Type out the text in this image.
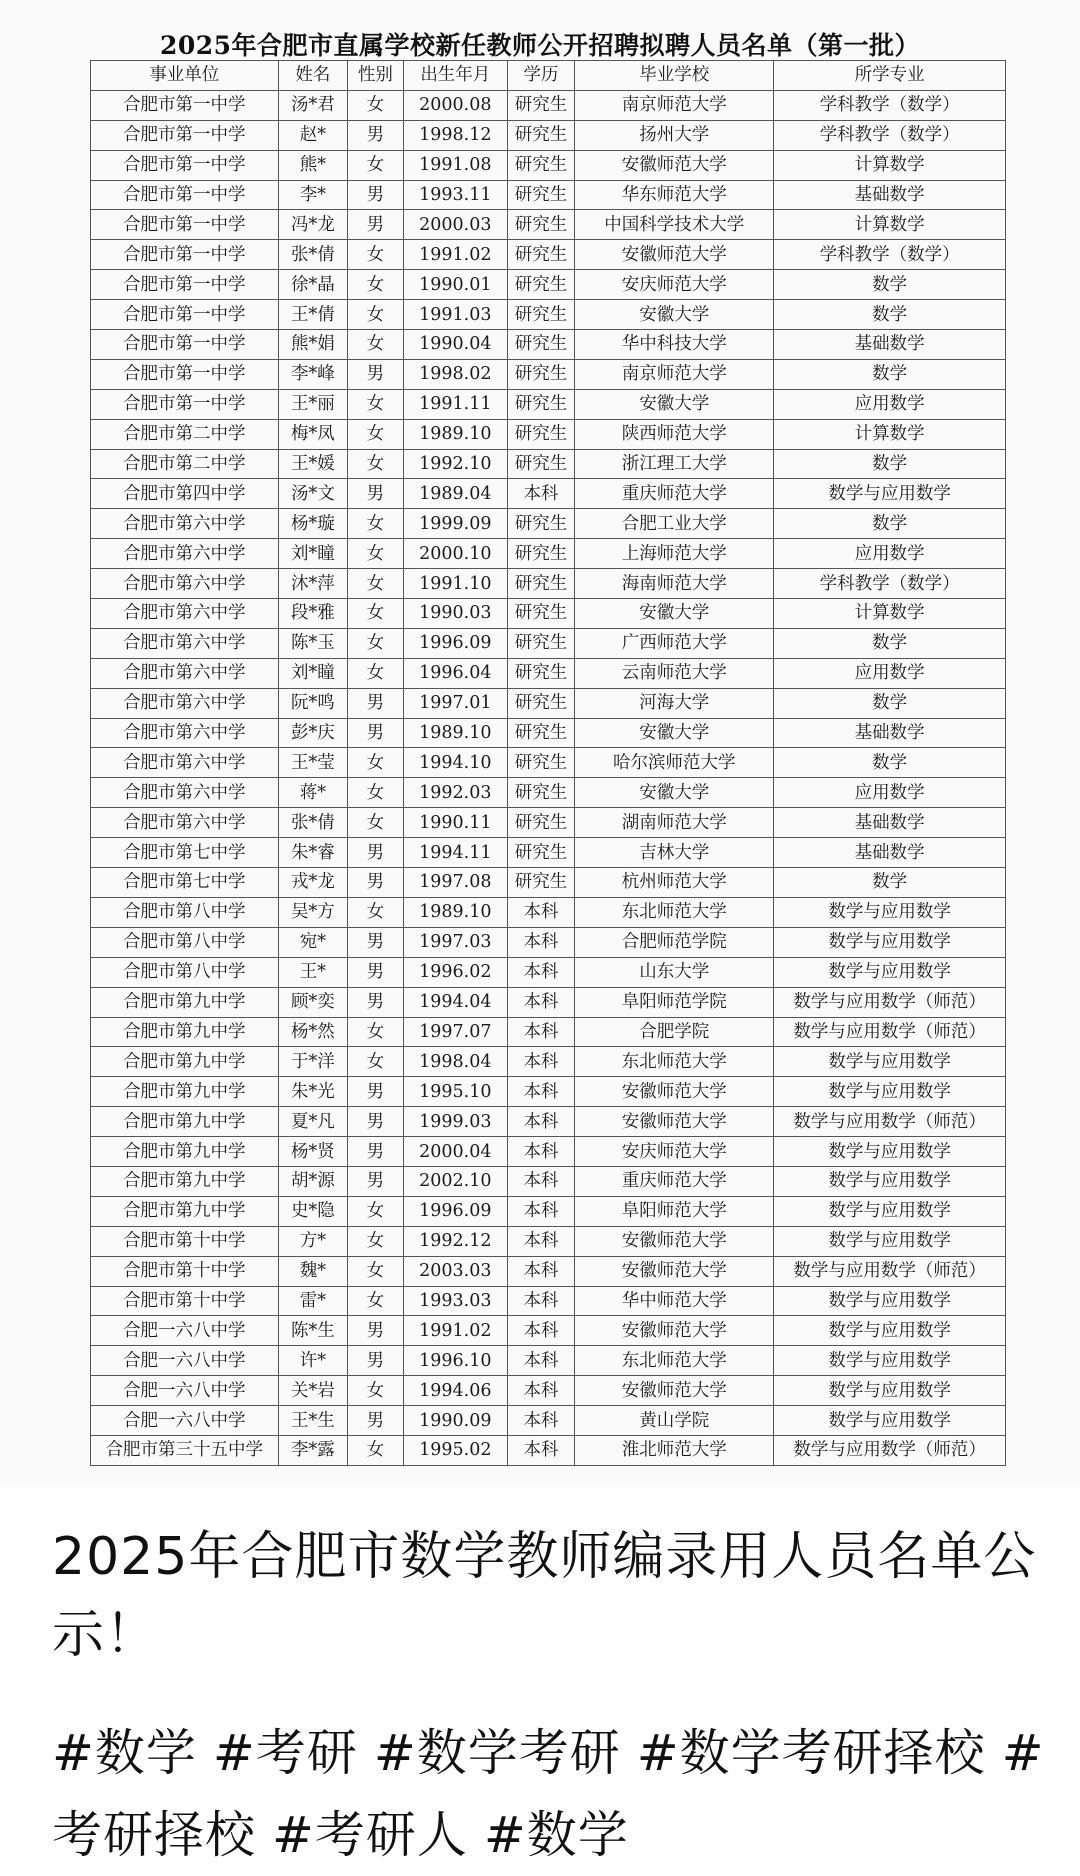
2025年合肥市直属学校新任教师公开招聘拟聘人员名单（第一批）
事业单位	姓名	性别	出生年月	学历	毕业学校	所学专业
合肥市第一中学	汤*君	女	2000.08	研究生	南京师范大学	学科教学（数学）
合肥市第一中学	赵*	男	1998.12	研究生	扬州大学	学科教学（数学）
合肥市第一中学	熊*	女	1991.08	研究生	安徽师范大学	计算数学
合肥市第一中学	李*	男	1993.11	研究生	华东师范大学	基础数学
合肥市第一中学	冯*龙	男	2000.03	研究生	中国科学技术大学	计算数学
合肥市第一中学	张*倩	女	1991.02	研究生	安徽师范大学	学科教学（数学）
合肥市第一中学	徐*晶	女	1990.01	研究生	安庆师范大学	数学
合肥市第一中学	王*倩	女	1991.03	研究生	安徽大学	数学
合肥市第一中学	熊*娟	女	1990.04	研究生	华中科技大学	基础数学
合肥市第一中学	李*峰	男	1998.02	研究生	南京师范大学	数学
合肥市第一中学	王*丽	女	1991.11	研究生	安徽大学	应用数学
合肥市第二中学	梅*凤	女	1989.10	研究生	陕西师范大学	计算数学
合肥市第二中学	王*媛	女	1992.10	研究生	浙江理工大学	数学
合肥市第四中学	汤*文	男	1989.04	本科	重庆师范大学	数学与应用数学
合肥市第六中学	杨*璇	女	1999.09	研究生	合肥工业大学	数学
合肥市第六中学	刘*瞳	女	2000.10	研究生	上海师范大学	应用数学
合肥市第六中学	沐*萍	女	1991.10	研究生	海南师范大学	学科教学（数学）
合肥市第六中学	段*雅	女	1990.03	研究生	安徽大学	计算数学
合肥市第六中学	陈*玉	女	1996.09	研究生	广西师范大学	数学
合肥市第六中学	刘*瞳	女	1996.04	研究生	云南师范大学	应用数学
合肥市第六中学	阮*鸣	男	1997.01	研究生	河海大学	数学
合肥市第六中学	彭*庆	男	1989.10	研究生	安徽大学	基础数学
合肥市第六中学	王*莹	女	1994.10	研究生	哈尔滨师范大学	数学
合肥市第六中学	蒋*	女	1992.03	研究生	安徽大学	应用数学
合肥市第六中学	张*倩	女	1990.11	研究生	湖南师范大学	基础数学
合肥市第七中学	朱*睿	男	1994.11	研究生	吉林大学	基础数学
合肥市第七中学	戎*龙	男	1997.08	研究生	杭州师范大学	数学
合肥市第八中学	吴*方	女	1989.10	本科	东北师范大学	数学与应用数学
合肥市第八中学	宛*	男	1997.03	本科	合肥师范学院	数学与应用数学
合肥市第八中学	王*	男	1996.02	本科	山东大学	数学与应用数学
合肥市第九中学	顾*奕	男	1994.04	本科	阜阳师范学院	数学与应用数学（师范）
合肥市第九中学	杨*然	女	1997.07	本科	合肥学院	数学与应用数学（师范）
合肥市第九中学	于*洋	女	1998.04	本科	东北师范大学	数学与应用数学
合肥市第九中学	朱*光	男	1995.10	本科	安徽师范大学	数学与应用数学
合肥市第九中学	夏*凡	男	1999.03	本科	安徽师范大学	数学与应用数学（师范）
合肥市第九中学	杨*贤	男	2000.04	本科	安庆师范大学	数学与应用数学
合肥市第九中学	胡*源	男	2002.10	本科	重庆师范大学	数学与应用数学
合肥市第九中学	史*隐	女	1996.09	本科	阜阳师范大学	数学与应用数学
合肥市第十中学	方*	女	1992.12	本科	安徽师范大学	数学与应用数学
合肥市第十中学	魏*	女	2003.03	本科	安徽师范大学	数学与应用数学（师范）
合肥市第十中学	雷*	女	1993.03	本科	华中师范大学	数学与应用数学
合肥一六八中学	陈*生	男	1991.02	本科	安徽师范大学	数学与应用数学
合肥一六八中学	许*	男	1996.10	本科	东北师范大学	数学与应用数学
合肥一六八中学	关*岩	女	1994.06	本科	安徽师范大学	数学与应用数学
合肥一六八中学	王*生	男	1990.09	本科	黄山学院	数学与应用数学
合肥市第三十五中学	李*露	女	1995.02	本科	淮北师范大学	数学与应用数学（师范）
2025年合肥市数学教师编录用人员名单公示！
#数学 #考研 #数学考研 #数学考研择校 #考研择校 #考研人 #数学
